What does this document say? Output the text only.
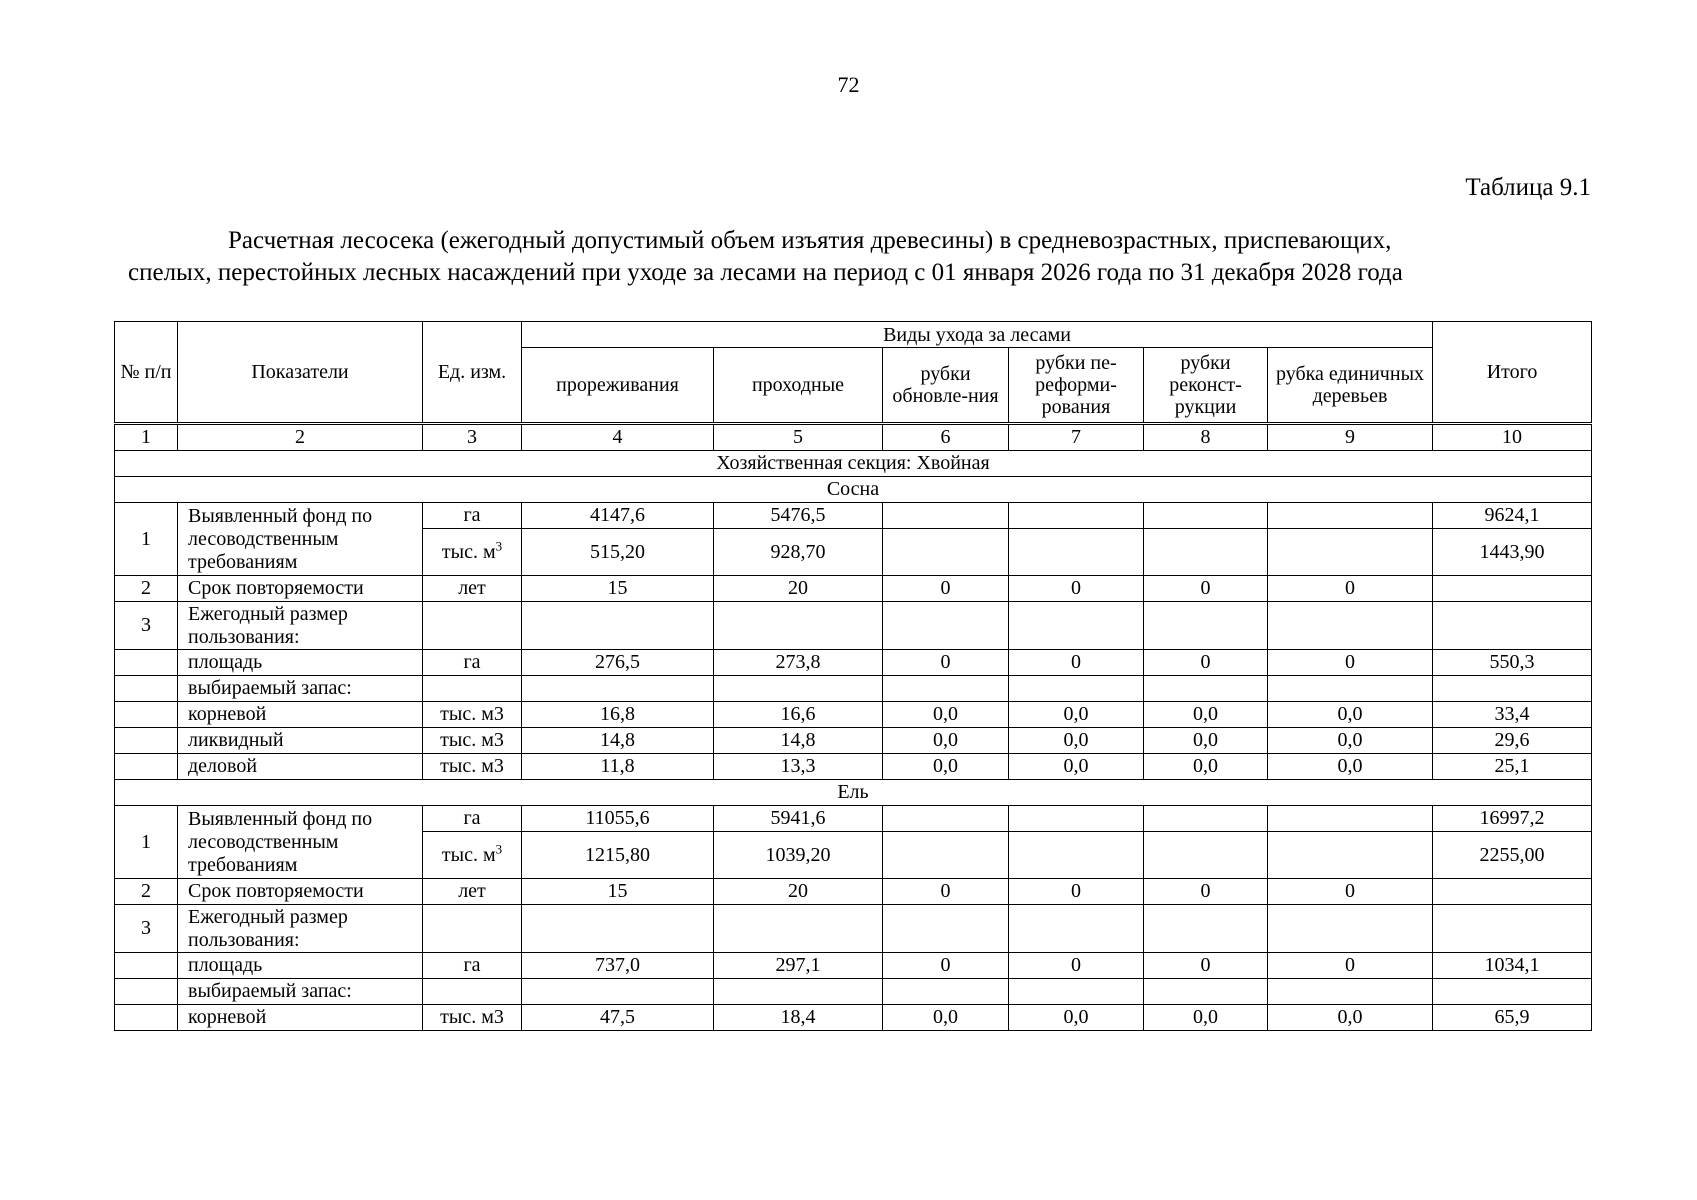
72
Таблица 9.1
Расчетная лесосека (ежегодный допустимый объем изъятия древесины) в средневозрастных, приспевающих,
спелых, перестойных лесных насаждений при уходе за лесами на период с 01 января 2026 года по 31 декабря 2028 года
№ п/п	Показатели	Ед. изм.	Виды ухода за лесами						Итого
			прореживания	проходные	рубки обновле-ния	рубки пе-реформи-рования	рубки реконст-рукции	рубка единичных деревьев	
1	2	3	4	5	6	7	8	9	10
Хозяйственная секция: Хвойная									
Сосна									
1	Выявленный фонд по лесоводственным требованиям	га	4147,6	5476,5					9624,1
		тыс. $м^3$	515,20	928,70					1443,90
2	Срок повторяемости	лет	15	20	0	0	0	0	
3	Ежегодный размер пользования:								
	площадь	га	276,5	273,8	0	0	0	0	550,3
	выбираемый запас:								
	корневой	тыс. м3	16,8	16,6	0,0	0,0	0,0	0,0	33,4
	ликвидный	тыс. м3	14,8	14,8	0,0	0,0	0,0	0,0	29,6
	деловой	тыс. м3	11,8	13,3	0,0	0,0	0,0	0,0	25,1
Ель									
1	Выявленный фонд по лесоводственным требованиям	га	11055,6	5941,6					16997,2
		тыс. $м^3$	1215,80	1039,20					2255,00
2	Срок повторяемости	лет	15	20	0	0	0	0	
3	Ежегодный размер пользования:								
	площадь	га	737,0	297,1	0	0	0	0	1034,1
	выбираемый запас:								
	корневой	тыс. м3	47,5	18,4	0,0	0,0	0,0	0,0	65,9
